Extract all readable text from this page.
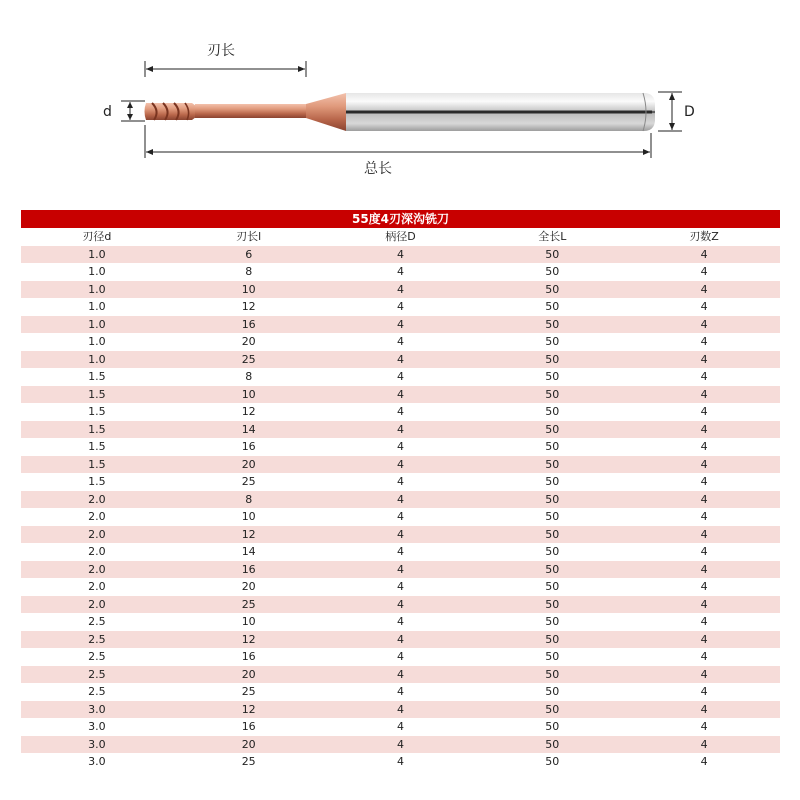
刃长
d	D
总长
55度4刃深沟铣刀
刃径d	刃长l	柄径D	全长L	刃数Z
1.0	6	4	50	4
1.0	8	4	50	4
1.0	10	4	50	4
1.0	12	4	50	4
1.0	16	4	50	4
1.0	20	4	50	4
1.0	25	4	50	4
1.5	8	4	50	4
1.5	10	4	50	4
1.5	12	4	50	4
1.5	14	4	50	4
1.5	16	4	50	4
1.5	20	4	50	4
1.5	25	4	50	4
2.0	8	4	50	4
2.0	10	4	50	4
2.0	12	4	50	4
2.0	14	4	50	4
2.0	16	4	50	4
2.0	20	4	50	4
2.0	25	4	50	4
2.5	10	4	50	4
2.5	12	4	50	4
2.5	16	4	50	4
2.5	20	4	50	4
2.5	25	4	50	4
3.0	12	4	50	4
3.0	16	4	50	4
3.0	20	4	50	4
3.0	25	4	50	4
